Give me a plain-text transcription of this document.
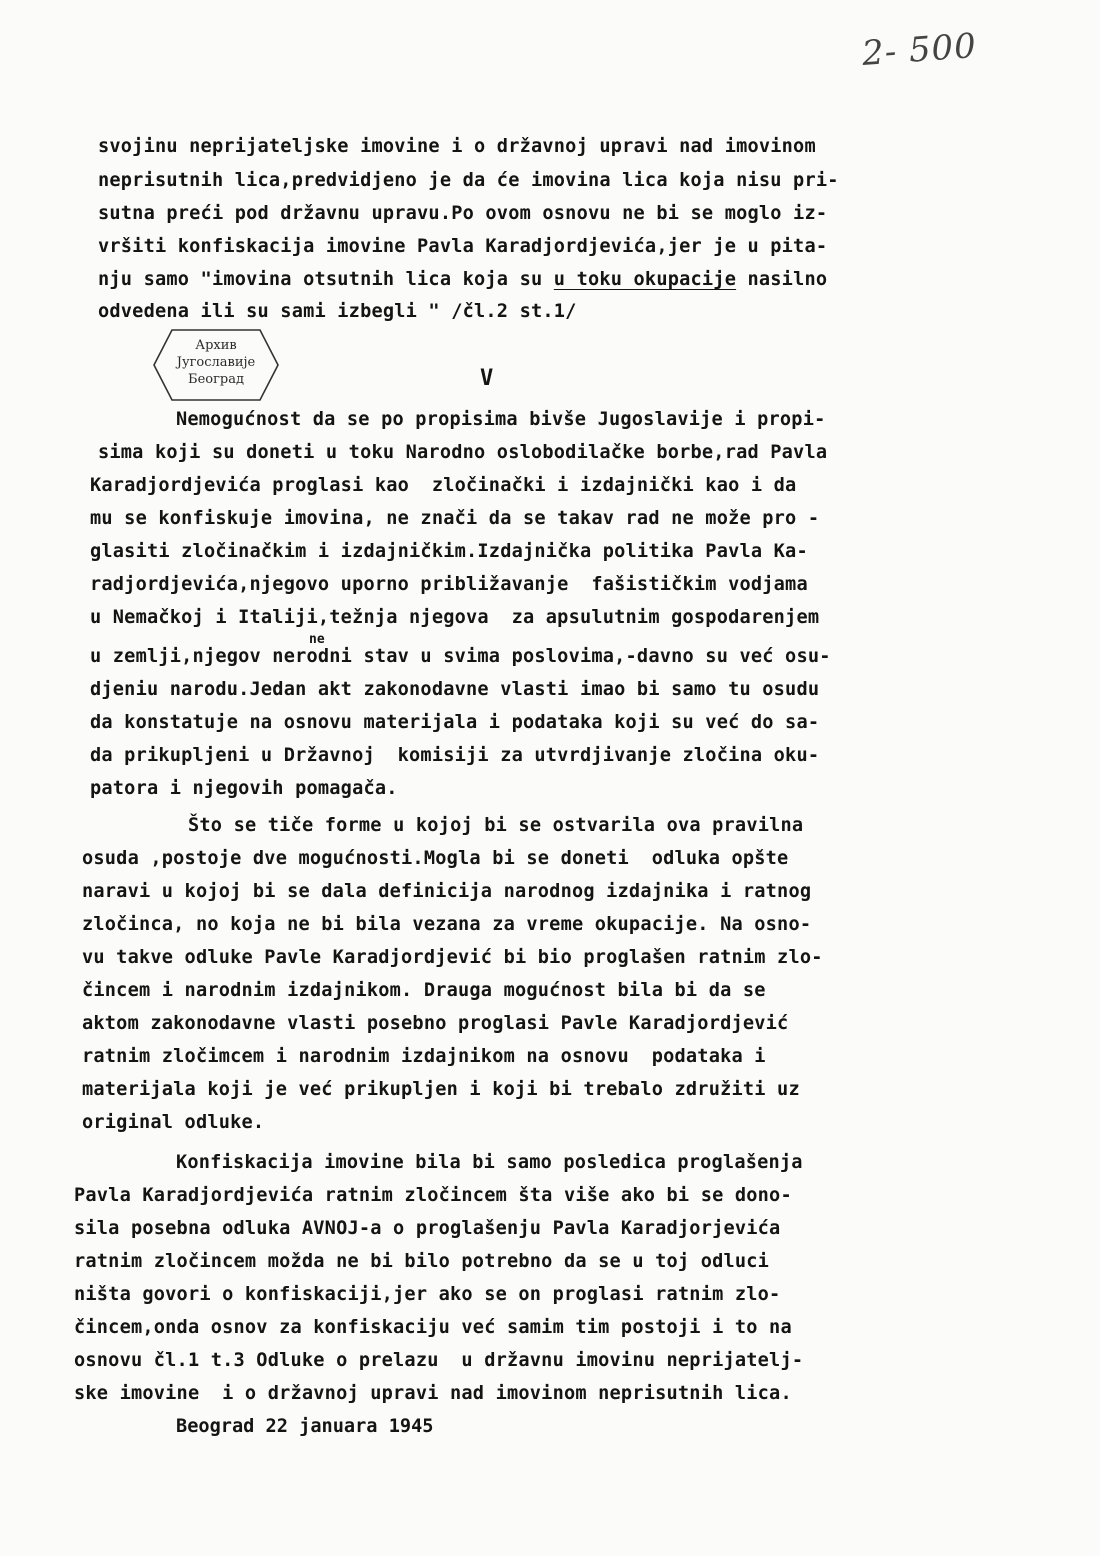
2- 500
svojinu neprijateljske imovine i o državnoj upravi nad imovinom
neprisutnih lica,predvidjeno je da će imovina lica koja nisu pri-
sutna preći pod državnu upravu.Po ovom osnovu ne bi se moglo iz-
vršiti konfiskacija imovine Pavla Karadjordjevića,jer je u pita-
nju samo "imovina otsutnih lica koja su u toku okupacije nasilno
odvedena ili su sami izbegli " /čl.2 st.1/
Архив
Југославије
Београд	V
Nemogućnost da se po propisima bivše Jugoslavije i propi-
sima koji su doneti u toku Narodno oslobodilačke borbe,rad Pavla
Karadjordjevića proglasi kao  zločinački i izdajnički kao i da
mu se konfiskuje imovina, ne znači da se takav rad ne može pro -
glasiti zločinačkim i izdajničkim.Izdajnička politika Pavla Ka-
radjordjevića,njegovo uporno približavanje  fašističkim vodjama
u Nemačkoj i Italiji,težnja njegova  za apsulutnim gospodarenjem
ne
u zemlji,njegov nerodni stav u svima poslovima,-davno su već osu-
djeniu narodu.Jedan akt zakonodavne vlasti imao bi samo tu osudu
da konstatuje na osnovu materijala i podataka koji su već do sa-
da prikupljeni u Državnoj  komisiji za utvrdjivanje zločina oku-
patora i njegovih pomagača.
Što se tiče forme u kojoj bi se ostvarila ova pravilna
osuda ,postoje dve mogućnosti.Mogla bi se doneti  odluka opšte
naravi u kojoj bi se dala definicija narodnog izdajnika i ratnog
zločinca, no koja ne bi bila vezana za vreme okupacije. Na osno-
vu takve odluke Pavle Karadjordjević bi bio proglašen ratnim zlo-
čincem i narodnim izdajnikom. Drauga mogućnost bila bi da se
aktom zakonodavne vlasti posebno proglasi Pavle Karadjordjević
ratnim zločimcem i narodnim izdajnikom na osnovu  podataka i
materijala koji je već prikupljen i koji bi trebalo združiti uz
original odluke.
Konfiskacija imovine bila bi samo posledica proglašenja
Pavla Karadjordjevića ratnim zločincem šta više ako bi se dono-
sila posebna odluka AVNOJ-a o proglašenju Pavla Karadjorjevića
ratnim zločincem možda ne bi bilo potrebno da se u toj odluci
ništa govori o konfiskaciji,jer ako se on proglasi ratnim zlo-
čincem,onda osnov za konfiskaciju već samim tim postoji i to na
osnovu čl.1 t.3 Odluke o prelazu  u državnu imovinu neprijatelj-
ske imovine  i o državnoj upravi nad imovinom neprisutnih lica.
Beograd 22 januara 1945
